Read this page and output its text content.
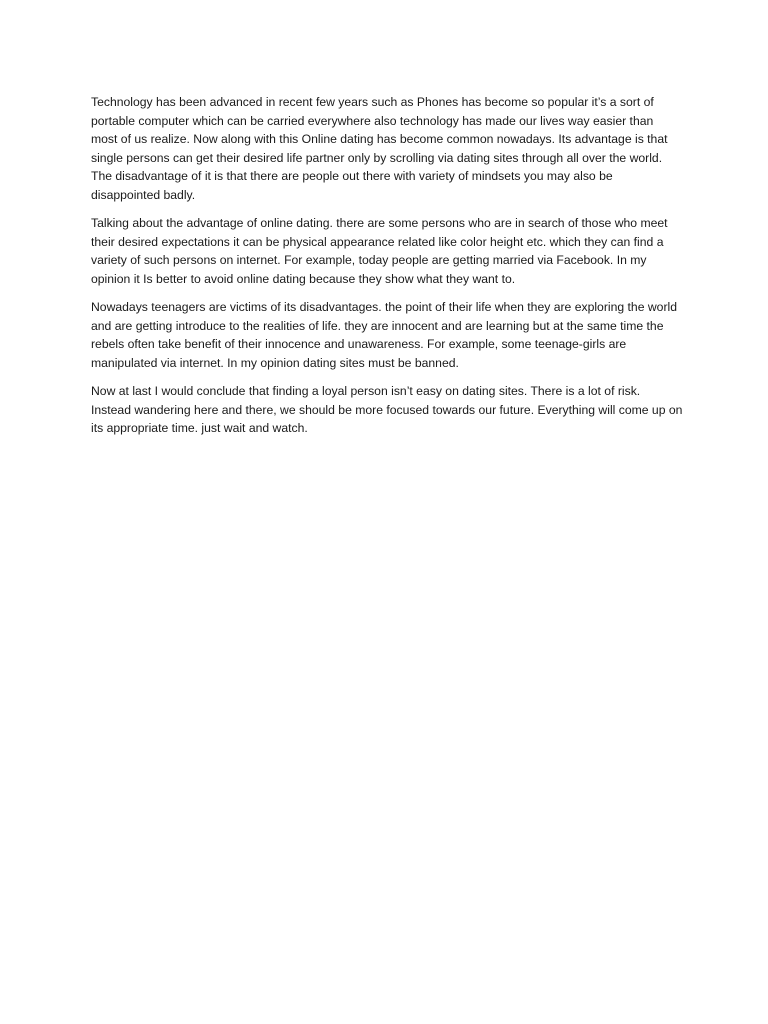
Technology has been advanced in recent few years such as Phones has become so popular it’s a sort of portable computer which can be carried everywhere also technology has made our lives way easier than most of us realize. Now along with this Online dating has become common nowadays. Its advantage is that single persons can get their desired life partner only by scrolling via dating sites through all over the world. The disadvantage of it is that there are people out there with variety of mindsets you may also be disappointed badly.

Talking about the advantage of online dating. there are some persons who are in search of those who meet their desired expectations it can be physical appearance related like color height etc. which they can find a variety of such persons on internet. For example, today people are getting married via Facebook. In my opinion it Is better to avoid online dating because they show what they want to.

Nowadays teenagers are victims of its disadvantages. the point of their life when they are exploring the world and are getting introduce to the realities of life. they are innocent and are learning but at the same time the rebels often take benefit of their innocence and unawareness. For example, some teenage-girls are manipulated via internet. In my opinion dating sites must be banned.

Now at last I would conclude that finding a loyal person isn’t easy on dating sites. There is a lot of risk. Instead wandering here and there, we should be more focused towards our future. Everything will come up on its appropriate time. just wait and watch.
